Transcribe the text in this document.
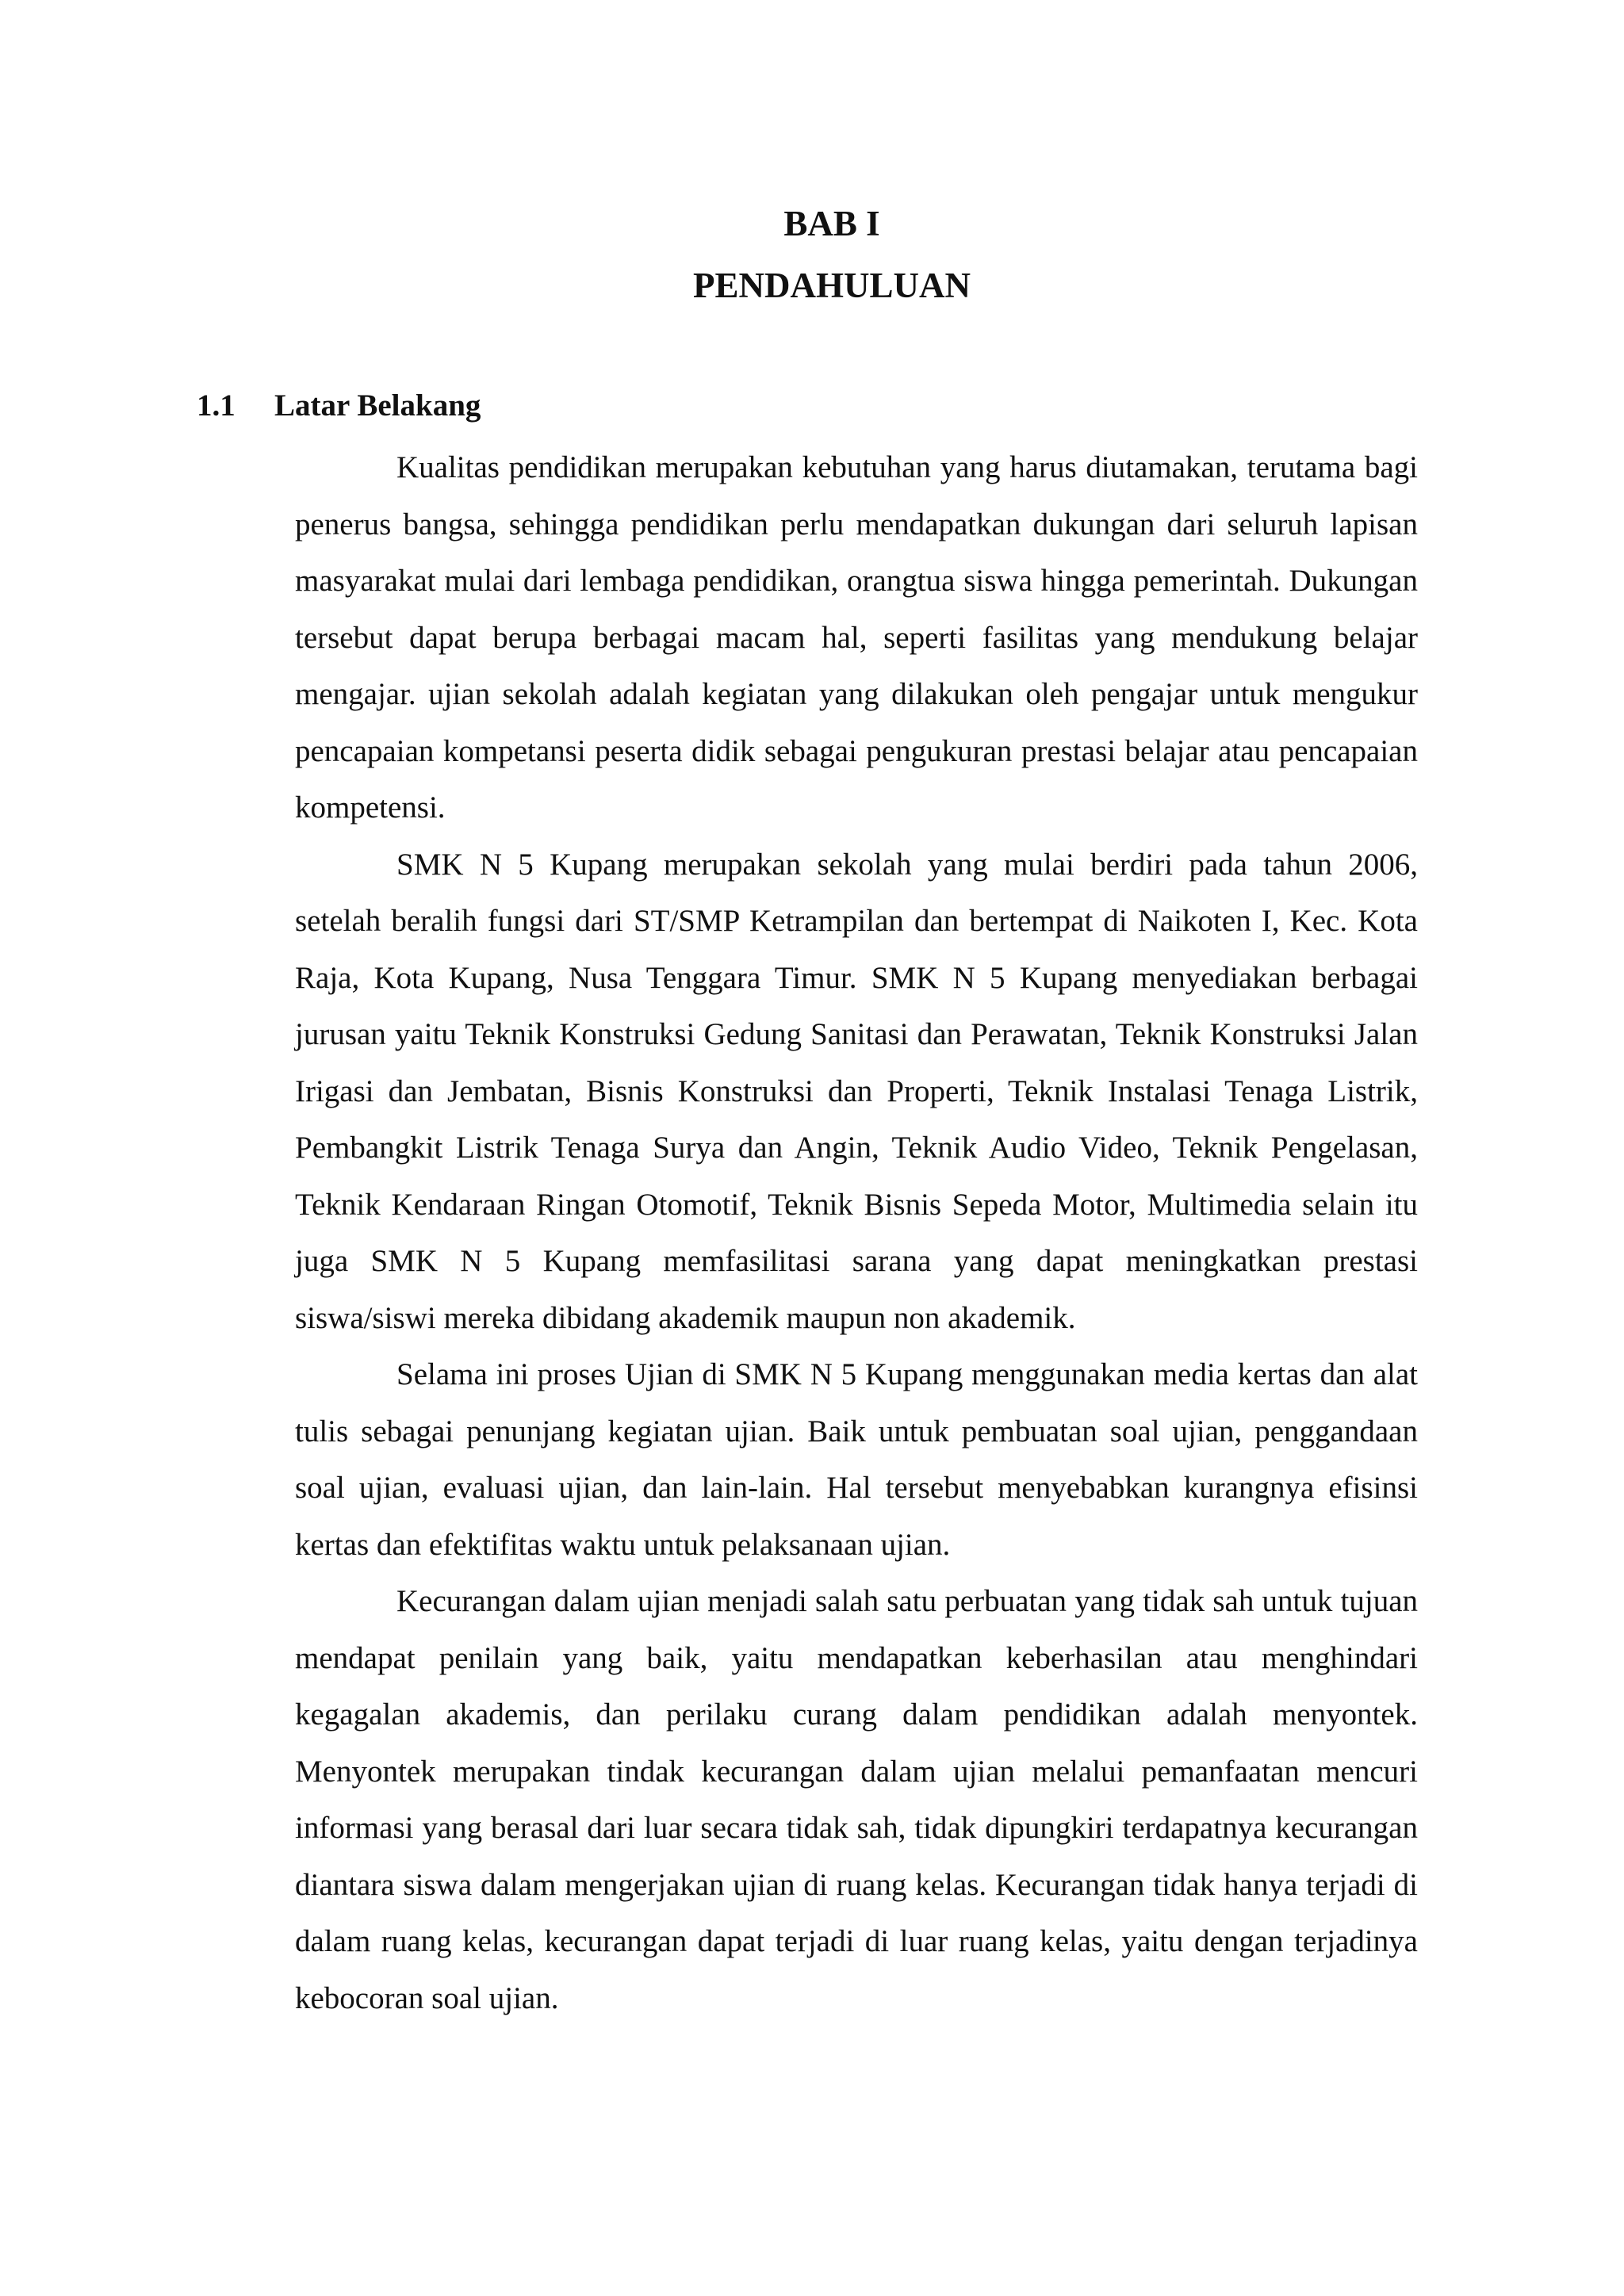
BAB I
PENDAHULUAN
1.1 Latar Belakang

Kualitas pendidikan merupakan kebutuhan yang harus diutamakan, terutama bagi penerus bangsa, sehingga pendidikan perlu mendapatkan dukungan dari seluruh lapisan masyarakat mulai dari lembaga pendidikan, orangtua siswa hingga pemerintah. Dukungan tersebut dapat berupa berbagai macam hal, seperti fasilitas yang mendukung belajar mengajar. ujian sekolah adalah kegiatan yang dilakukan oleh pengajar untuk mengukur pencapaian kompetansi peserta didik sebagai pengukuran prestasi belajar atau pencapaian kompetensi.

SMK N 5 Kupang merupakan sekolah yang mulai berdiri pada tahun 2006, setelah beralih fungsi dari ST/SMP Ketrampilan dan bertempat di Naikoten I, Kec. Kota Raja, Kota Kupang, Nusa Tenggara Timur. SMK N 5 Kupang menyediakan berbagai jurusan yaitu Teknik Konstruksi Gedung Sanitasi dan Perawatan, Teknik Konstruksi Jalan Irigasi dan Jembatan, Bisnis Konstruksi dan Properti, Teknik Instalasi Tenaga Listrik, Pembangkit Listrik Tenaga Surya dan Angin, Teknik Audio Video, Teknik Pengelasan, Teknik Kendaraan Ringan Otomotif, Teknik Bisnis Sepeda Motor, Multimedia selain itu juga SMK N 5 Kupang memfasilitasi sarana yang dapat meningkatkan prestasi siswa/siswi mereka dibidang akademik maupun non akademik.

Selama ini proses Ujian di SMK N 5 Kupang menggunakan media kertas dan alat tulis sebagai penunjang kegiatan ujian. Baik untuk pembuatan soal ujian, penggandaan soal ujian, evaluasi ujian, dan lain-lain. Hal tersebut menyebabkan kurangnya efisinsi kertas dan efektifitas waktu untuk pelaksanaan ujian.

Kecurangan dalam ujian menjadi salah satu perbuatan yang tidak sah untuk tujuan mendapat penilain yang baik, yaitu mendapatkan keberhasilan atau menghindari kegagalan akademis, dan perilaku curang dalam pendidikan adalah menyontek. Menyontek merupakan tindak kecurangan dalam ujian melalui pemanfaatan mencuri informasi yang berasal dari luar secara tidak sah, tidak dipungkiri terdapatnya kecurangan diantara siswa dalam mengerjakan ujian di ruang kelas. Kecurangan tidak hanya terjadi di dalam ruang kelas, kecurangan dapat terjadi di luar ruang kelas, yaitu dengan terjadinya kebocoran soal ujian.
